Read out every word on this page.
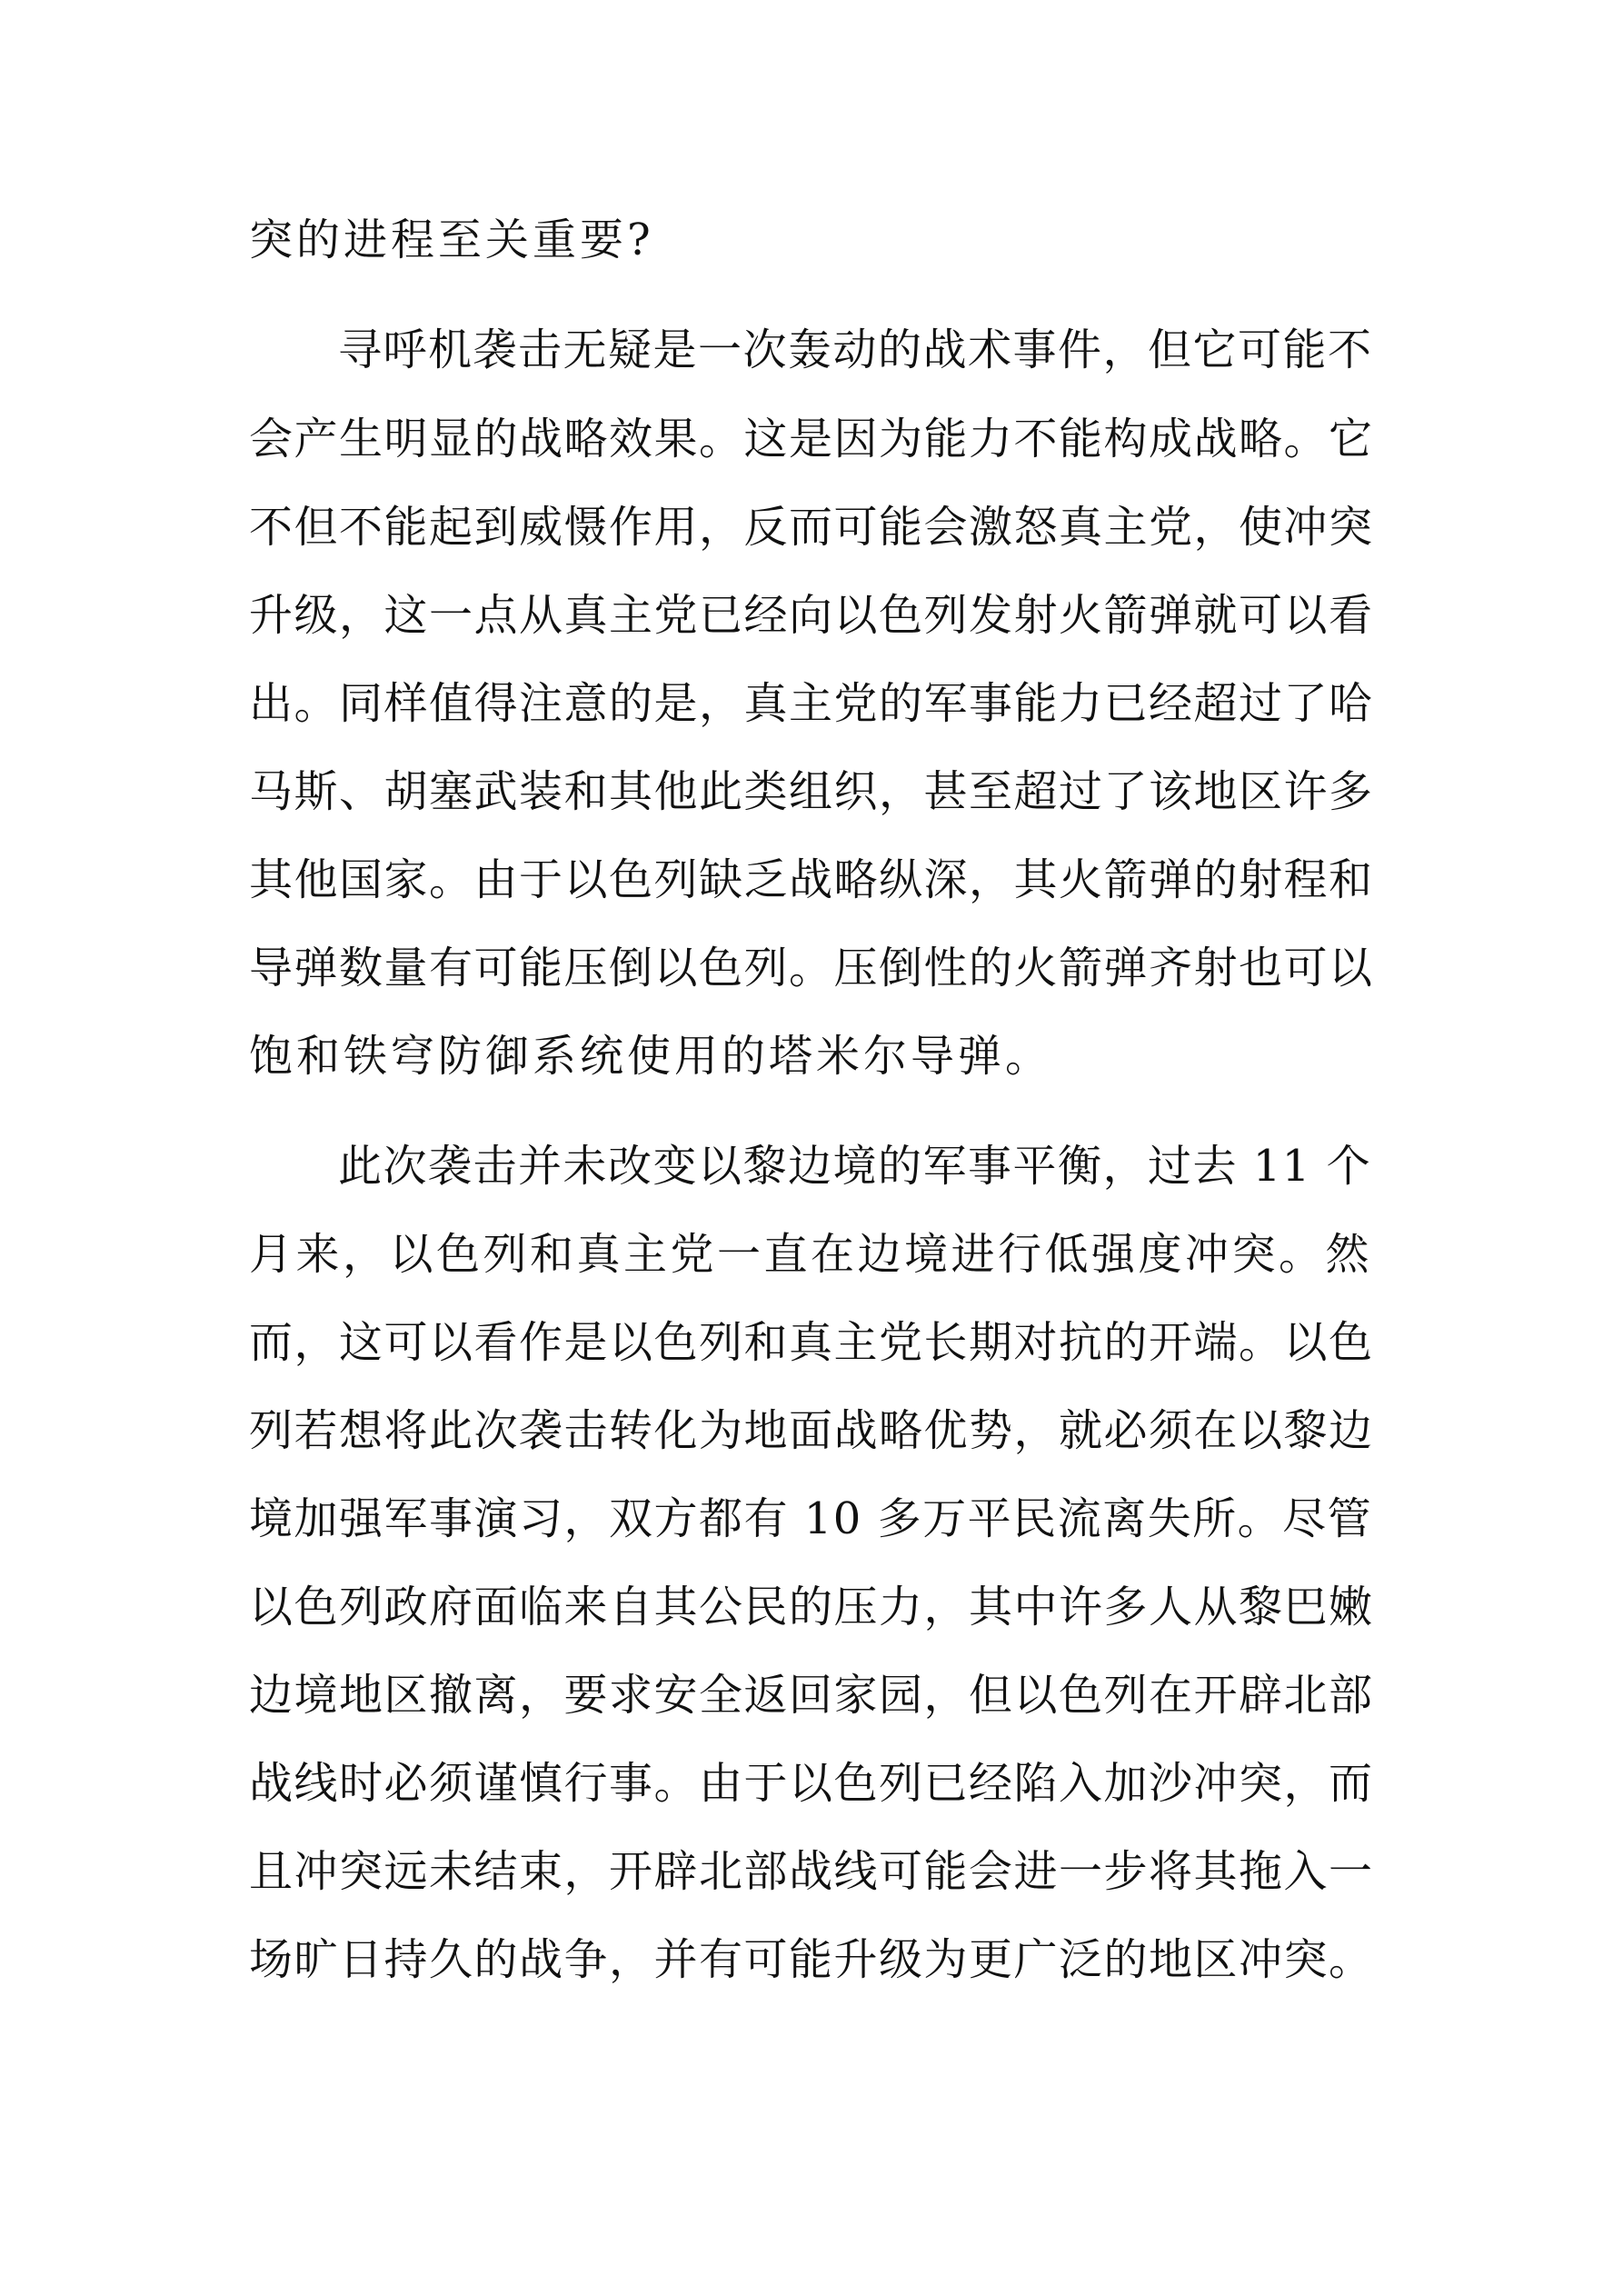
突的进程至关重要?

寻呼机袭击无疑是一次轰动的战术事件，但它可能不

会产生明显的战略效果。这是因为能力不能构成战略。它

不但不能起到威慑作用，反而可能会激怒真主党，使冲突

升级，这一点从真主党已经向以色列发射火箭弹就可以看

出。同样值得注意的是，真主党的军事能力已经超过了哈

马斯、胡塞武装和其他此类组织，甚至超过了该地区许多

其他国家。由于以色列缺乏战略纵深，其火箭弹的射程和

导弹数量有可能压倒以色列。压倒性的火箭弹齐射也可以

饱和铁穹防御系统使用的塔米尔导弹。

此次袭击并未改变以黎边境的军事平衡，过去 11 个

月来，以色列和真主党一直在边境进行低强度冲突。然

而，这可以看作是以色列和真主党长期对抗的开端。以色

列若想将此次袭击转化为地面战略优势，就必须在以黎边

境加强军事演习，双方都有 10 多万平民流离失所。尽管

以色列政府面临来自其公民的压力，其中许多人从黎巴嫩

边境地区撤离，要求安全返回家园，但以色列在开辟北部

战线时必须谨慎行事。由于以色列已经陷入加沙冲突，而

且冲突远未结束，开辟北部战线可能会进一步将其拖入一

场旷日持久的战争，并有可能升级为更广泛的地区冲突。
